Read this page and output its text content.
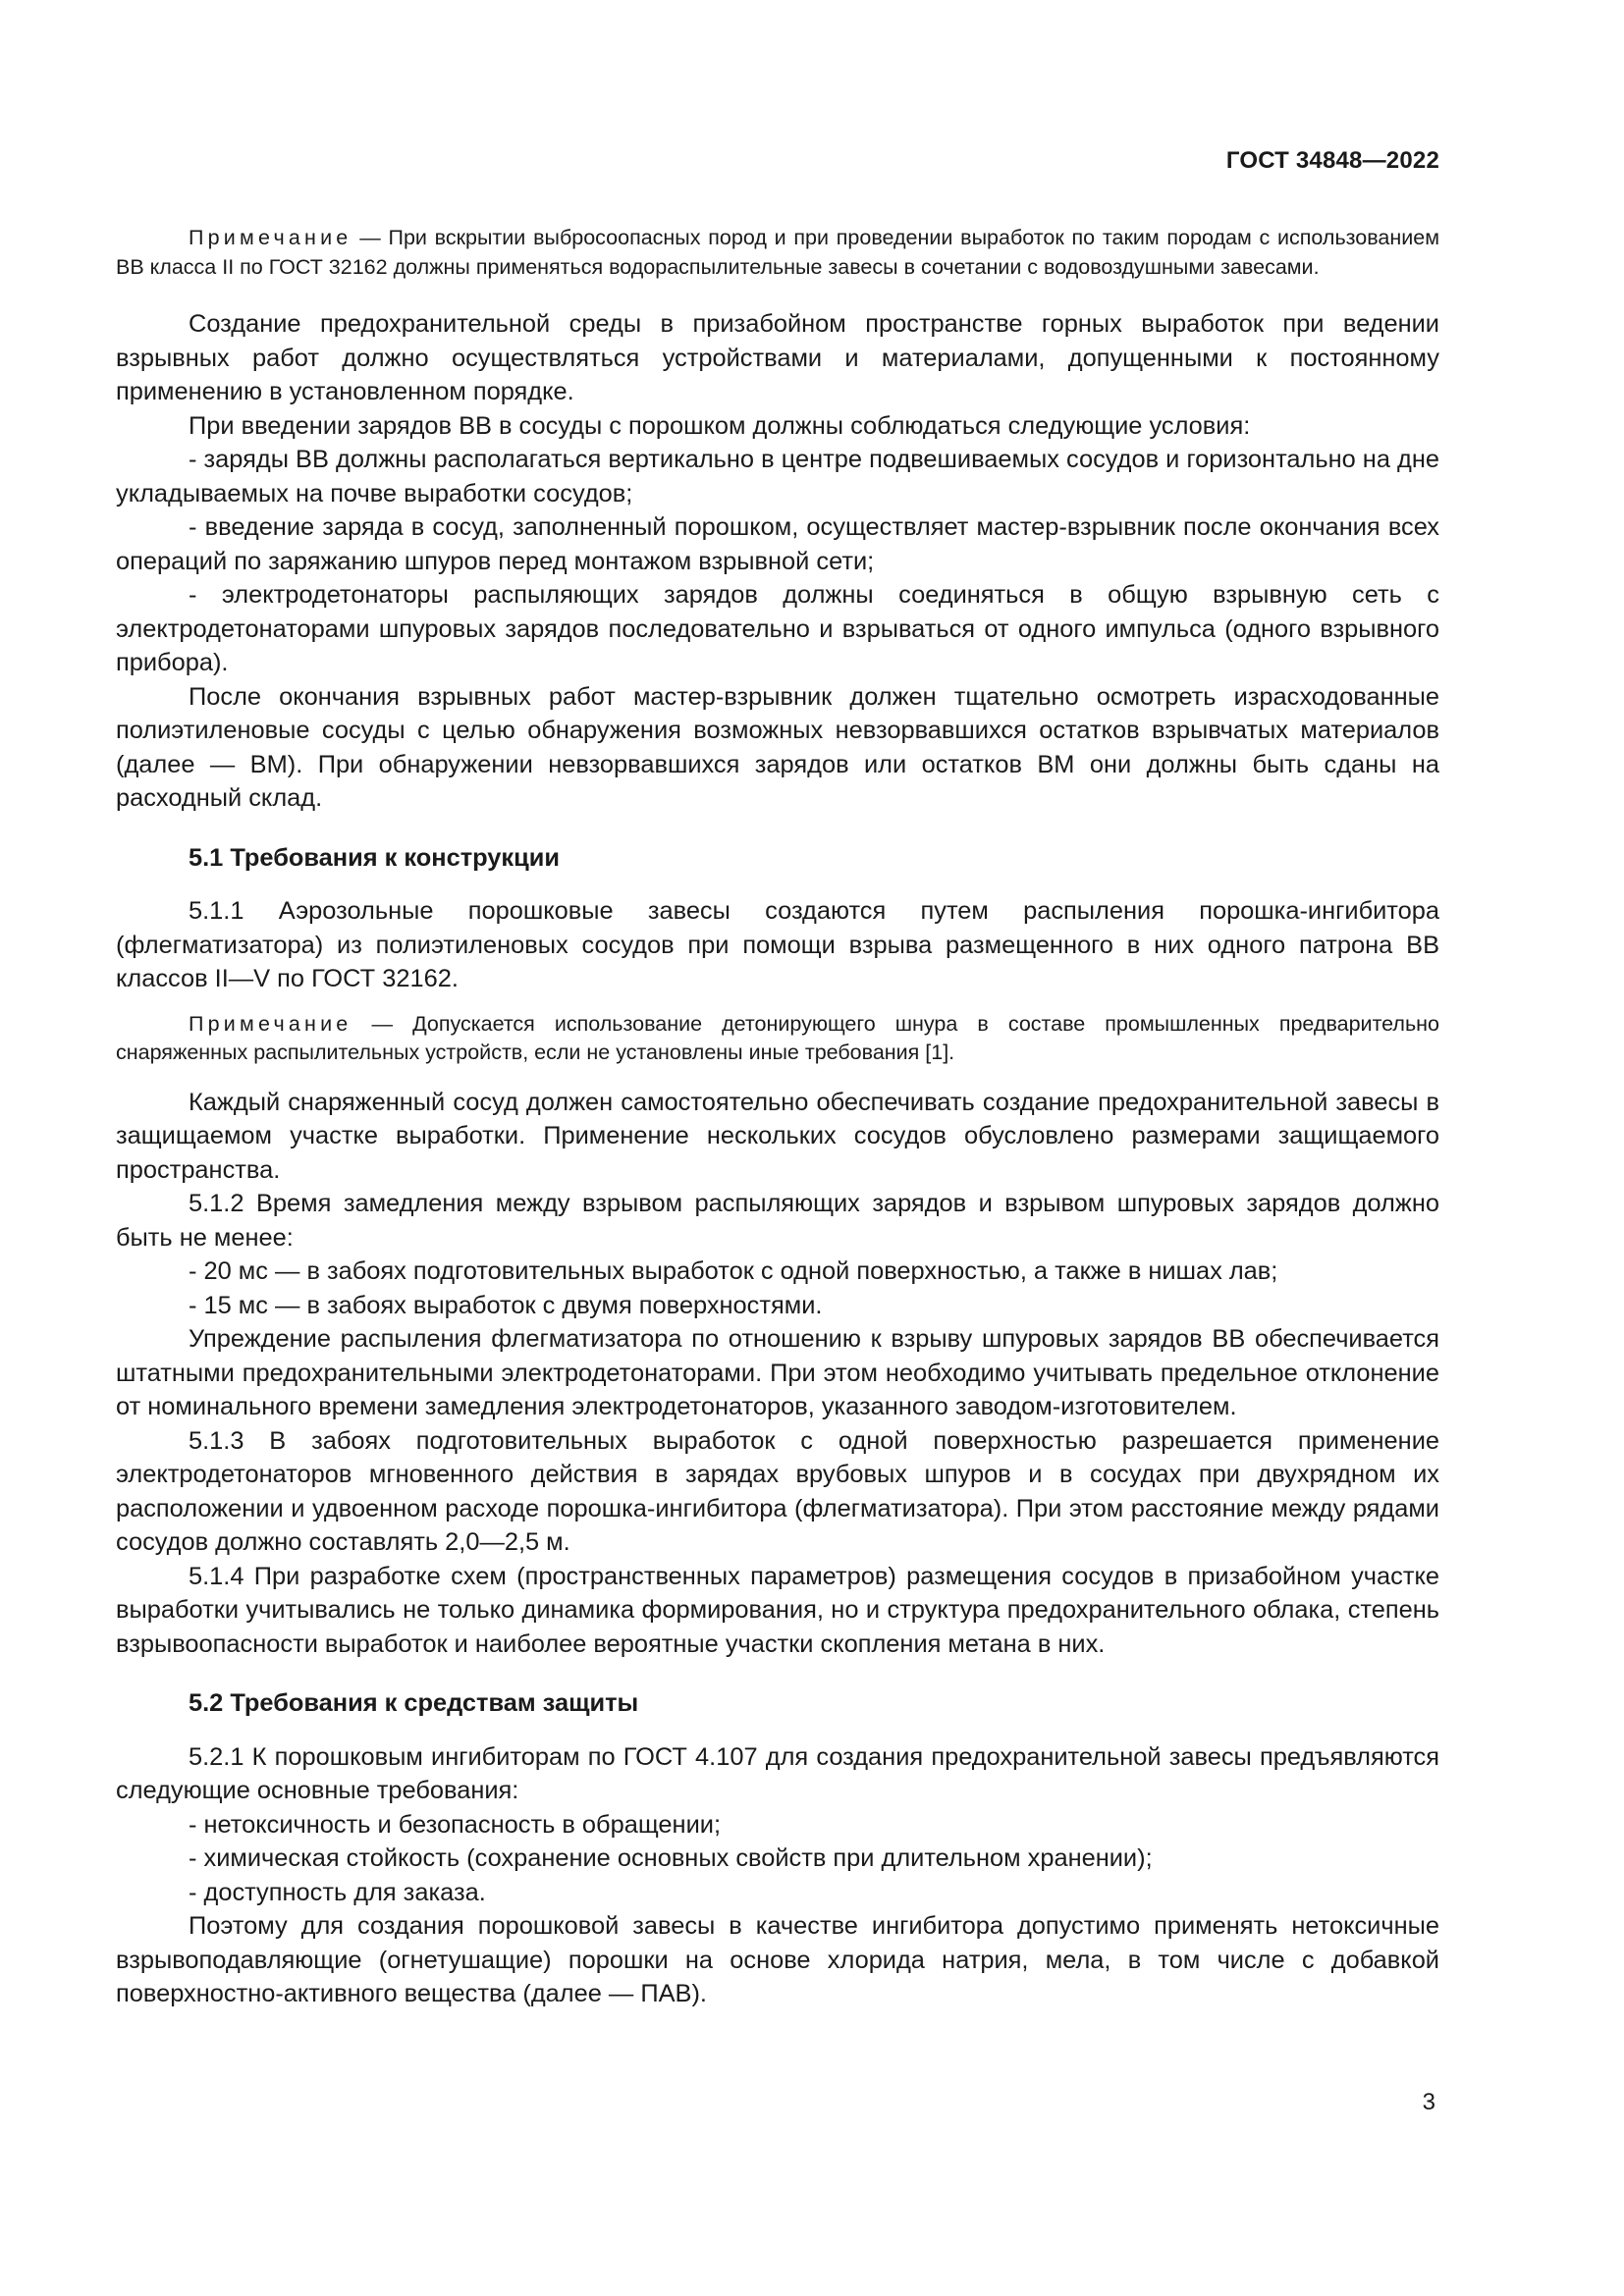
ГОСТ 34848—2022

Примечание — При вскрытии выбросоопасных пород и при проведении выработок по таким породам с использованием ВВ класса II по ГОСТ 32162 должны применяться водораспылительные завесы в сочетании с водовоздушными завесами.

Создание предохранительной среды в призабойном пространстве горных выработок при ведении взрывных работ должно осуществляться устройствами и материалами, допущенными к постоянному применению в установленном порядке.

При введении зарядов ВВ в сосуды с порошком должны соблюдаться следующие условия:

- заряды ВВ должны располагаться вертикально в центре подвешиваемых сосудов и горизонтально на дне укладываемых на почве выработки сосудов;

- введение заряда в сосуд, заполненный порошком, осуществляет мастер-взрывник после окончания всех операций по заряжанию шпуров перед монтажом взрывной сети;

- электродетонаторы распыляющих зарядов должны соединяться в общую взрывную сеть с электродетонаторами шпуровых зарядов последовательно и взрываться от одного импульса (одного взрывного прибора).

После окончания взрывных работ мастер-взрывник должен тщательно осмотреть израсходованные полиэтиленовые сосуды с целью обнаружения возможных невзорвавшихся остатков взрывчатых материалов (далее — ВМ). При обнаружении невзорвавшихся зарядов или остатков ВМ они должны быть сданы на расходный склад.

5.1 Требования к конструкции

5.1.1 Аэрозольные порошковые завесы создаются путем распыления порошка-ингибитора (флегматизатора) из полиэтиленовых сосудов при помощи взрыва размещенного в них одного патрона ВВ классов II—V по ГОСТ 32162.

Примечание — Допускается использование детонирующего шнура в составе промышленных предварительно снаряженных распылительных устройств, если не установлены иные требования [1].

Каждый снаряженный сосуд должен самостоятельно обеспечивать создание предохранительной завесы в защищаемом участке выработки. Применение нескольких сосудов обусловлено размерами защищаемого пространства.

5.1.2 Время замедления между взрывом распыляющих зарядов и взрывом шпуровых зарядов должно быть не менее:

- 20 мс — в забоях подготовительных выработок с одной поверхностью, а также в нишах лав;

- 15 мс — в забоях выработок с двумя поверхностями.

Упреждение распыления флегматизатора по отношению к взрыву шпуровых зарядов ВВ обеспечивается штатными предохранительными электродетонаторами. При этом необходимо учитывать предельное отклонение от номинального времени замедления электродетонаторов, указанного заводом-изготовителем.

5.1.3 В забоях подготовительных выработок с одной поверхностью разрешается применение электродетонаторов мгновенного действия в зарядах врубовых шпуров и в сосудах при двухрядном их расположении и удвоенном расходе порошка-ингибитора (флегматизатора). При этом расстояние между рядами сосудов должно составлять 2,0—2,5 м.

5.1.4 При разработке схем (пространственных параметров) размещения сосудов в призабойном участке выработки учитывались не только динамика формирования, но и структура предохранительного облака, степень взрывоопасности выработок и наиболее вероятные участки скопления метана в них.

5.2 Требования к средствам защиты

5.2.1 К порошковым ингибиторам по ГОСТ 4.107 для создания предохранительной завесы предъявляются следующие основные требования:

- нетоксичность и безопасность в обращении;

- химическая стойкость (сохранение основных свойств при длительном хранении);

- доступность для заказа.

Поэтому для создания порошковой завесы в качестве ингибитора допустимо применять нетоксичные взрывоподавляющие (огнетушащие) порошки на основе хлорида натрия, мела, в том числе с добавкой поверхностно-активного вещества (далее — ПАВ).

3
